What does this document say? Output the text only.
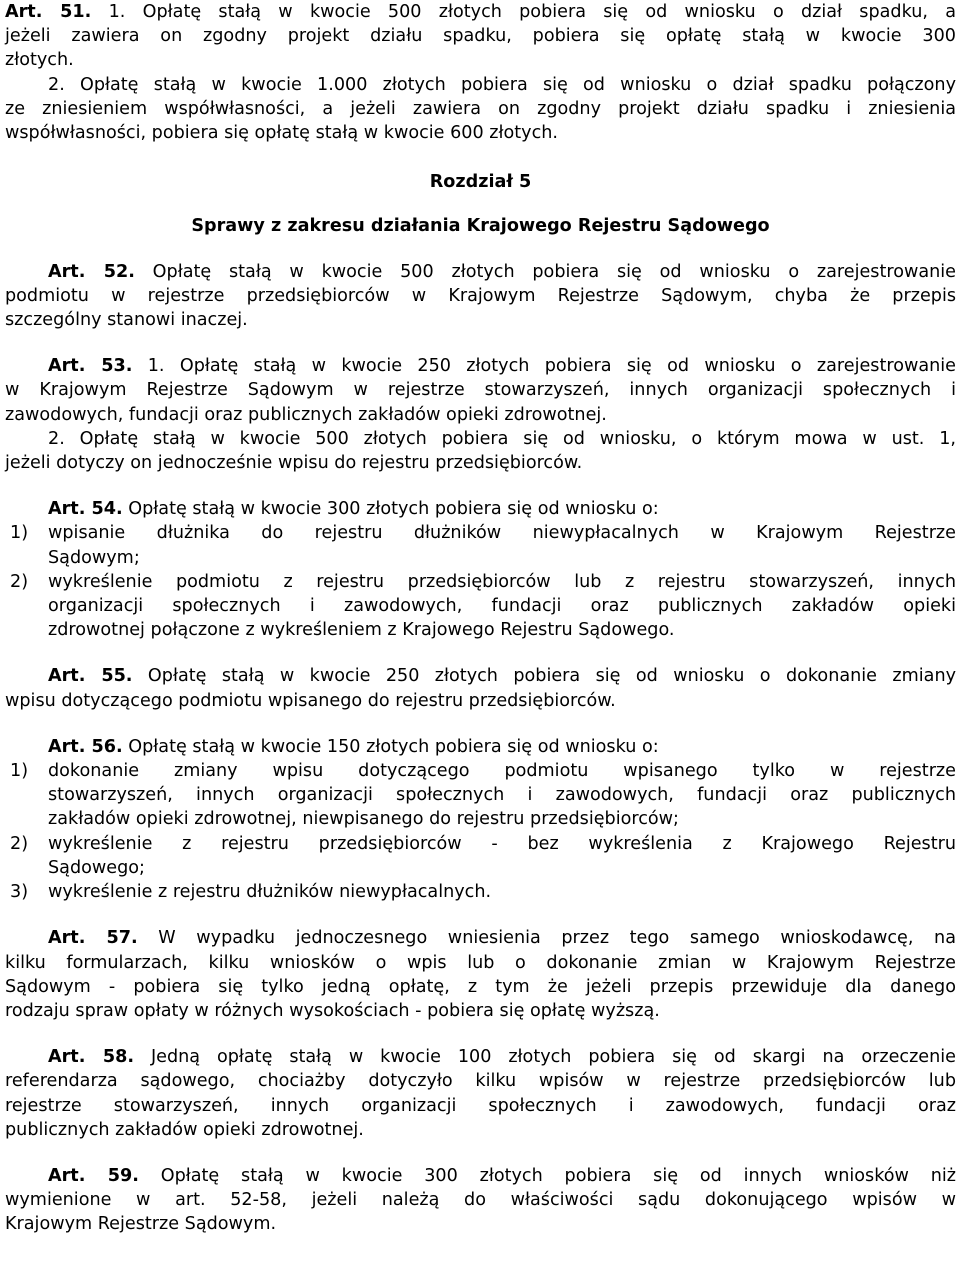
Art. 51. 1. Opłatę stałą w kwocie 500 złotych pobiera się od wniosku o dział spadku, a
jeżeli zawiera on zgodny projekt działu spadku, pobiera się opłatę stałą w kwocie 300
złotych.
2. Opłatę stałą w kwocie 1.000 złotych pobiera się od wniosku o dział spadku połączony
ze zniesieniem współwłasności, a jeżeli zawiera on zgodny projekt działu spadku i zniesienia
współwłasności, pobiera się opłatę stałą w kwocie 600 złotych.
Rozdział 5
Sprawy z zakresu działania Krajowego Rejestru Sądowego
Art. 52. Opłatę stałą w kwocie 500 złotych pobiera się od wniosku o zarejestrowanie
podmiotu w rejestrze przedsiębiorców w Krajowym Rejestrze Sądowym, chyba że przepis
szczególny stanowi inaczej.
Art. 53. 1. Opłatę stałą w kwocie 250 złotych pobiera się od wniosku o zarejestrowanie
w Krajowym Rejestrze Sądowym w rejestrze stowarzyszeń, innych organizacji społecznych i
zawodowych, fundacji oraz publicznych zakładów opieki zdrowotnej.
2. Opłatę stałą w kwocie 500 złotych pobiera się od wniosku, o którym mowa w ust. 1,
jeżeli dotyczy on jednocześnie wpisu do rejestru przedsiębiorców.
Art. 54. Opłatę stałą w kwocie 300 złotych pobiera się od wniosku o:
1) wpisanie dłużnika do rejestru dłużników niewypłacalnych w Krajowym Rejestrze
Sądowym;
2) wykreślenie podmiotu z rejestru przedsiębiorców lub z rejestru stowarzyszeń, innych
organizacji społecznych i zawodowych, fundacji oraz publicznych zakładów opieki
zdrowotnej połączone z wykreśleniem z Krajowego Rejestru Sądowego.
Art. 55. Opłatę stałą w kwocie 250 złotych pobiera się od wniosku o dokonanie zmiany
wpisu dotyczącego podmiotu wpisanego do rejestru przedsiębiorców.
Art. 56. Opłatę stałą w kwocie 150 złotych pobiera się od wniosku o:
1) dokonanie zmiany wpisu dotyczącego podmiotu wpisanego tylko w rejestrze
stowarzyszeń, innych organizacji społecznych i zawodowych, fundacji oraz publicznych
zakładów opieki zdrowotnej, niewpisanego do rejestru przedsiębiorców;
2) wykreślenie z rejestru przedsiębiorców - bez wykreślenia z Krajowego Rejestru
Sądowego;
3) wykreślenie z rejestru dłużników niewypłacalnych.
Art. 57. W wypadku jednoczesnego wniesienia przez tego samego wnioskodawcę, na
kilku formularzach, kilku wniosków o wpis lub o dokonanie zmian w Krajowym Rejestrze
Sądowym - pobiera się tylko jedną opłatę, z tym że jeżeli przepis przewiduje dla danego
rodzaju spraw opłaty w różnych wysokościach - pobiera się opłatę wyższą.
Art. 58. Jedną opłatę stałą w kwocie 100 złotych pobiera się od skargi na orzeczenie
referendarza sądowego, chociażby dotyczyło kilku wpisów w rejestrze przedsiębiorców lub
rejestrze stowarzyszeń, innych organizacji społecznych i zawodowych, fundacji oraz
publicznych zakładów opieki zdrowotnej.
Art. 59. Opłatę stałą w kwocie 300 złotych pobiera się od innych wniosków niż
wymienione w art. 52-58, jeżeli należą do właściwości sądu dokonującego wpisów w
Krajowym Rejestrze Sądowym.
